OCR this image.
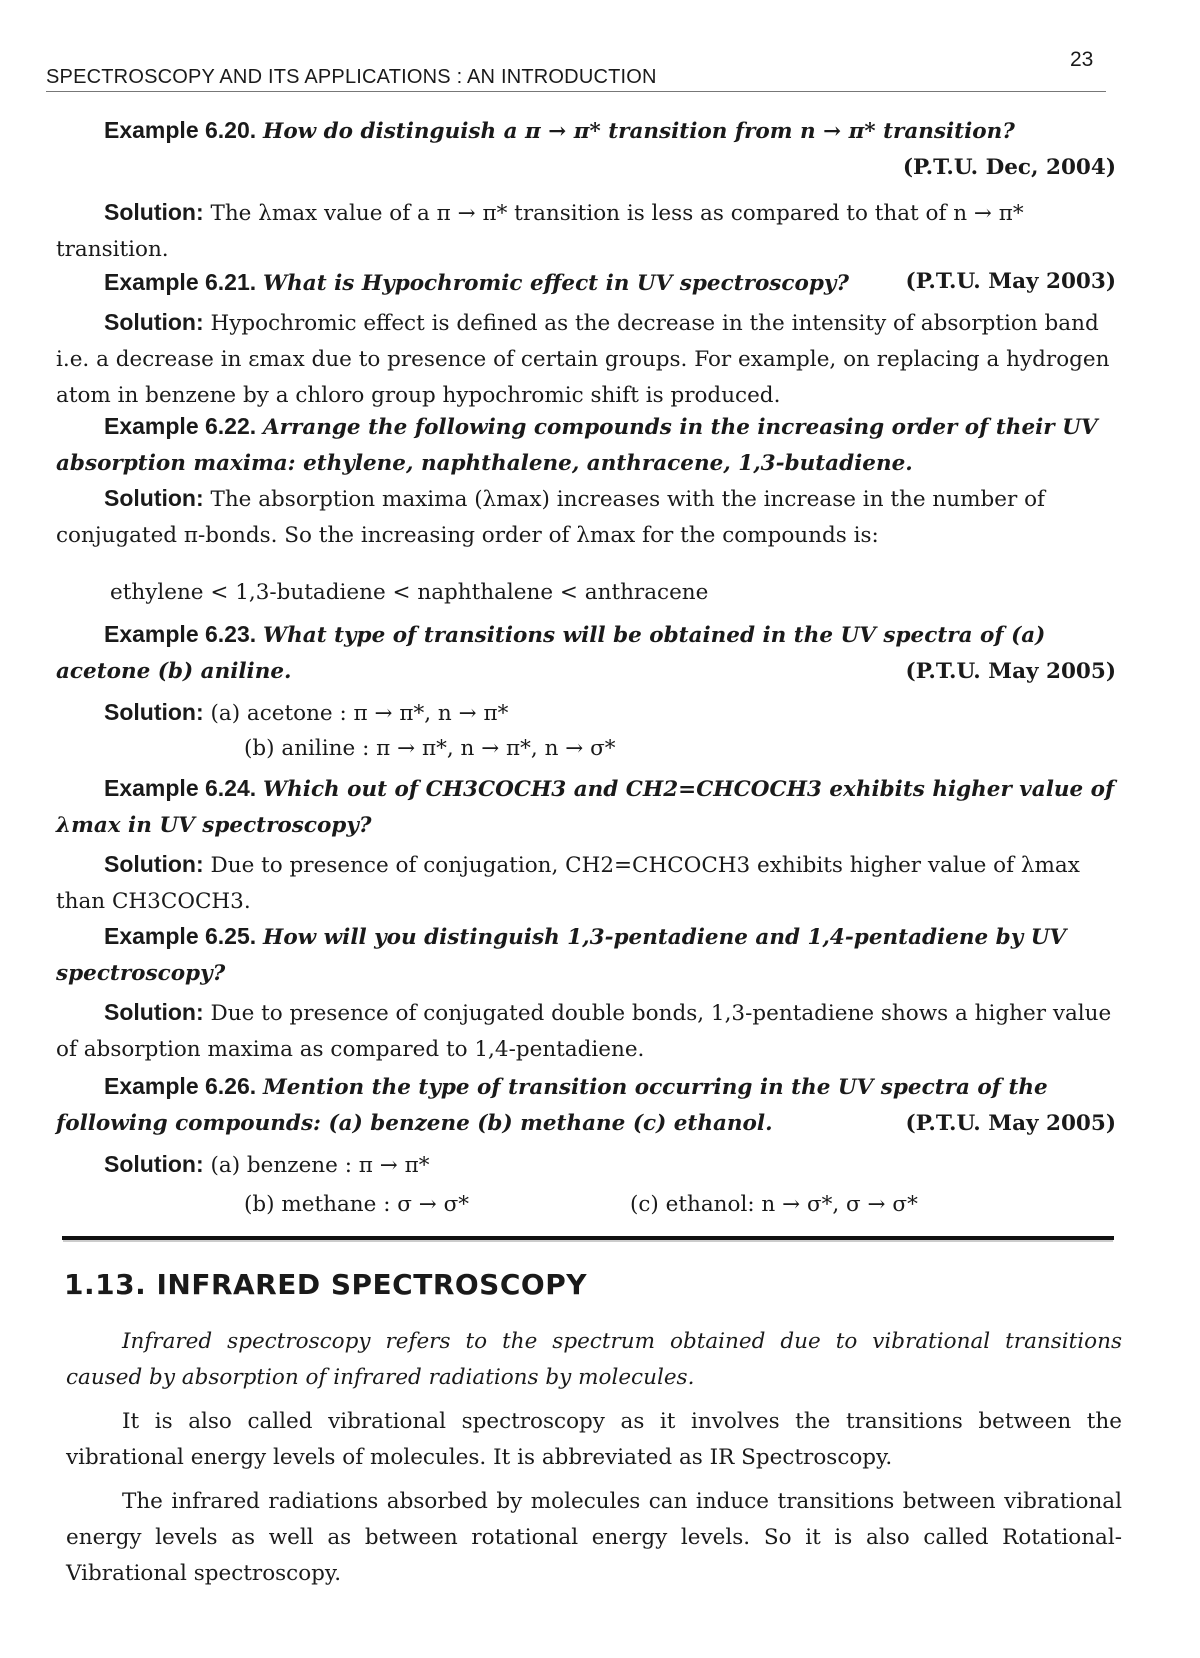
23
SPECTROSCOPY AND ITS APPLICATIONS : AN INTRODUCTION
Example 6.20. How do distinguish a π → π* transition from n → π* transition?
(P.T.U. Dec, 2004)
Solution: The λmax value of a π → π* transition is less as compared to that of n → π* transition.
Example 6.21. What is Hypochromic effect in UV spectroscopy?	(P.T.U. May 2003)
Solution: Hypochromic effect is defined as the decrease in the intensity of absorption band i.e. a decrease in εmax due to presence of certain groups. For example, on replacing a hydrogen atom in benzene by a chloro group hypochromic shift is produced.
Example 6.22. Arrange the following compounds in the increasing order of their UV absorption maxima: ethylene, naphthalene, anthracene, 1,3-butadiene.
Solution: The absorption maxima (λmax) increases with the increase in the number of conjugated π-bonds. So the increasing order of λmax for the compounds is:
ethylene < 1,3-butadiene < naphthalene < anthracene
Example 6.23. What type of transitions will be obtained in the UV spectra of (a) acetone (b) aniline.	(P.T.U. May 2005)
Solution: (a) acetone : π → π*, n → π*
(b) aniline : π → π*, n → π*, n → σ*
Example 6.24. Which out of CH3COCH3 and CH2=CHCOCH3 exhibits higher value of λmax in UV spectroscopy?
Solution: Due to presence of conjugation, CH2=CHCOCH3 exhibits higher value of λmax than CH3COCH3.
Example 6.25. How will you distinguish 1,3-pentadiene and 1,4-pentadiene by UV spectroscopy?
Solution: Due to presence of conjugated double bonds, 1,3-pentadiene shows a higher value of absorption maxima as compared to 1,4-pentadiene.
Example 6.26. Mention the type of transition occurring in the UV spectra of the following compounds: (a) benzene (b) methane (c) ethanol.	(P.T.U. May 2005)
Solution: (a) benzene : π → π*
(b) methane : σ → σ*	(c) ethanol: n → σ*, σ → σ*
1.13. INFRARED SPECTROSCOPY
Infrared spectroscopy refers to the spectrum obtained due to vibrational transitions caused by absorption of infrared radiations by molecules.
It is also called vibrational spectroscopy as it involves the transitions between the vibrational energy levels of molecules. It is abbreviated as IR Spectroscopy.
The infrared radiations absorbed by molecules can induce transitions between vibrational energy levels as well as between rotational energy levels. So it is also called Rotational-Vibrational spectroscopy.
